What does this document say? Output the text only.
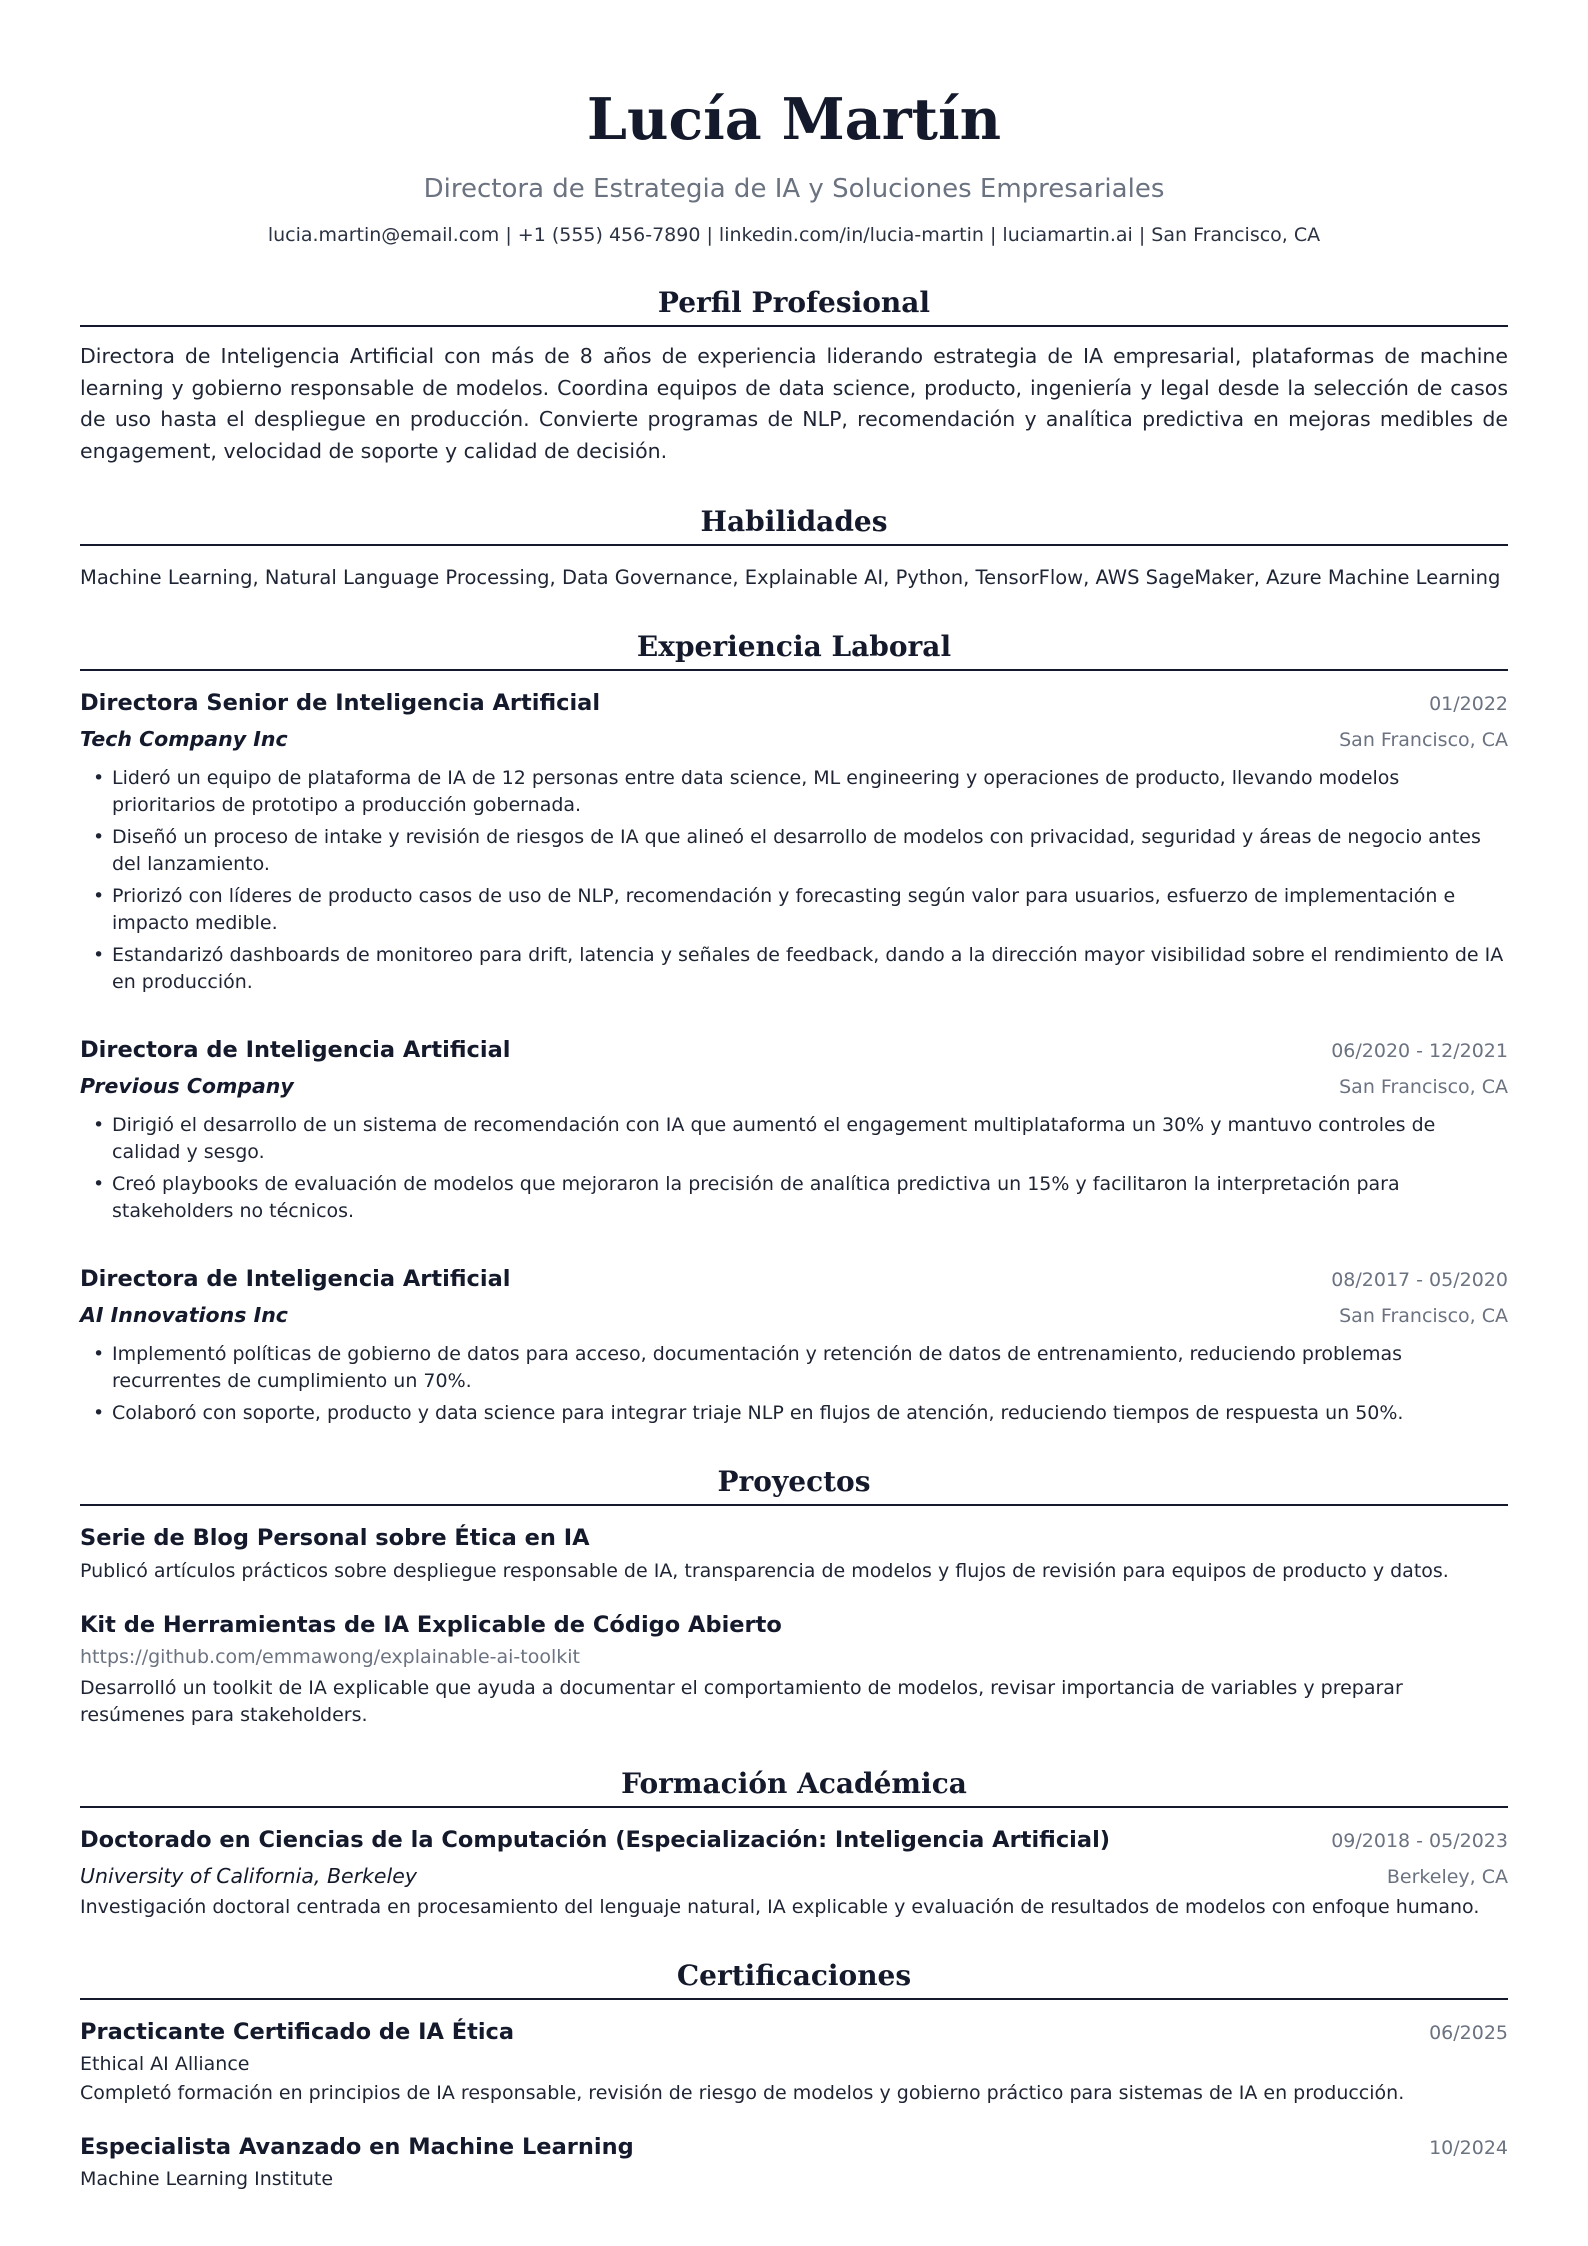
Lucía Martín
Directora de Estrategia de IA y Soluciones Empresariales
lucia.martin@email.com | +1 (555) 456-7890 | linkedin.com/in/lucia-martin | luciamartin.ai | San Francisco, CA
Perfil Profesional
Directora de Inteligencia Artificial con más de 8 años de experiencia liderando estrategia de IA empresarial, plataformas de machine learning y gobierno responsable de modelos. Coordina equipos de data science, producto, ingeniería y legal desde la selección de casos de uso hasta el despliegue en producción. Convierte programas de NLP, recomendación y analítica predictiva en mejoras medibles de engagement, velocidad de soporte y calidad de decisión.
Habilidades
Machine Learning, Natural Language Processing, Data Governance, Explainable AI, Python, TensorFlow, AWS SageMaker, Azure Machine Learning
Experiencia Laboral
Directora Senior de Inteligencia Artificial	01/2022
Tech Company Inc	San Francisco, CA
• Lideró un equipo de plataforma de IA de 12 personas entre data science, ML engineering y operaciones de producto, llevando modelos prioritarios de prototipo a producción gobernada.
• Diseñó un proceso de intake y revisión de riesgos de IA que alineó el desarrollo de modelos con privacidad, seguridad y áreas de negocio antes del lanzamiento.
• Priorizó con líderes de producto casos de uso de NLP, recomendación y forecasting según valor para usuarios, esfuerzo de implementación e impacto medible.
• Estandarizó dashboards de monitoreo para drift, latencia y señales de feedback, dando a la dirección mayor visibilidad sobre el rendimiento de IA en producción.
Directora de Inteligencia Artificial	06/2020 - 12/2021
Previous Company	San Francisco, CA
• Dirigió el desarrollo de un sistema de recomendación con IA que aumentó el engagement multiplataforma un 30% y mantuvo controles de calidad y sesgo.
• Creó playbooks de evaluación de modelos que mejoraron la precisión de analítica predictiva un 15% y facilitaron la interpretación para stakeholders no técnicos.
Directora de Inteligencia Artificial	08/2017 - 05/2020
AI Innovations Inc	San Francisco, CA
• Implementó políticas de gobierno de datos para acceso, documentación y retención de datos de entrenamiento, reduciendo problemas recurrentes de cumplimiento un 70%.
• Colaboró con soporte, producto y data science para integrar triaje NLP en flujos de atención, reduciendo tiempos de respuesta un 50%.
Proyectos
Serie de Blog Personal sobre Ética en IA
Publicó artículos prácticos sobre despliegue responsable de IA, transparencia de modelos y flujos de revisión para equipos de producto y datos.
Kit de Herramientas de IA Explicable de Código Abierto
https://github.com/emmawong/explainable-ai-toolkit
Desarrolló un toolkit de IA explicable que ayuda a documentar el comportamiento de modelos, revisar importancia de variables y preparar resúmenes para stakeholders.
Formación Académica
Doctorado en Ciencias de la Computación (Especialización: Inteligencia Artificial)	09/2018 - 05/2023
University of California, Berkeley	Berkeley, CA
Investigación doctoral centrada en procesamiento del lenguaje natural, IA explicable y evaluación de resultados de modelos con enfoque humano.
Certificaciones
Practicante Certificado de IA Ética	06/2025
Ethical AI Alliance
Completó formación en principios de IA responsable, revisión de riesgo de modelos y gobierno práctico para sistemas de IA en producción.
Especialista Avanzado en Machine Learning	10/2024
Machine Learning Institute
